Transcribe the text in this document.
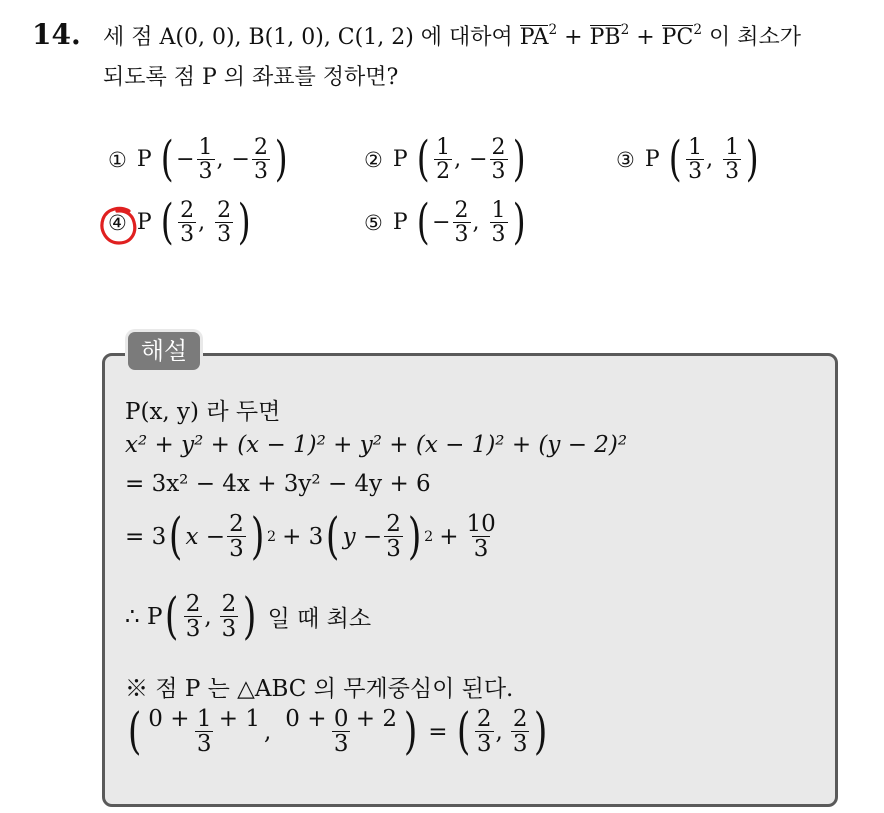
14. 세 점 A(0, 0), B(1, 0), C(1, 2) 에 대하여 $PA^2 + PB^2 + PC^2$ 이 최소가
되도록 점 P 의 좌표를 정하면?
① P ( − $\frac{1}{3}$ , − $\frac{2}{3}$ )	② P ( $\frac{1}{2}$ , − $\frac{2}{3}$ )	③ P ( $\frac{1}{3}$ , $\frac{1}{3}$ )
④ P ( $\frac{2}{3}$ , $\frac{2}{3}$ )	⑤ P ( − $\frac{2}{3}$ , $\frac{1}{3}$ )
해설
P(x, y) 라 두면
x² + y² + (x − 1)² + y² + (x − 1)² + (y − 2)²
= 3x² − 4x + 3y² − 4y + 6
= 3 ( $x - \frac{2}{3}$ ) 2 + 3 ( $y - \frac{2}{3}$ ) $2 + \frac{10}{3}$
∴ P ( $\frac{2}{3}$ , $\frac{2}{3}$ ) 일 때 최소
※ 점 P 는 △ABC 의 무게중심이 된다.
( $\frac{0 + 1 + 1}{3}$ , $\frac{0 + 0 + 2}{3}$ ) = ( $\frac{2}{3}$ , $\frac{2}{3}$ )
